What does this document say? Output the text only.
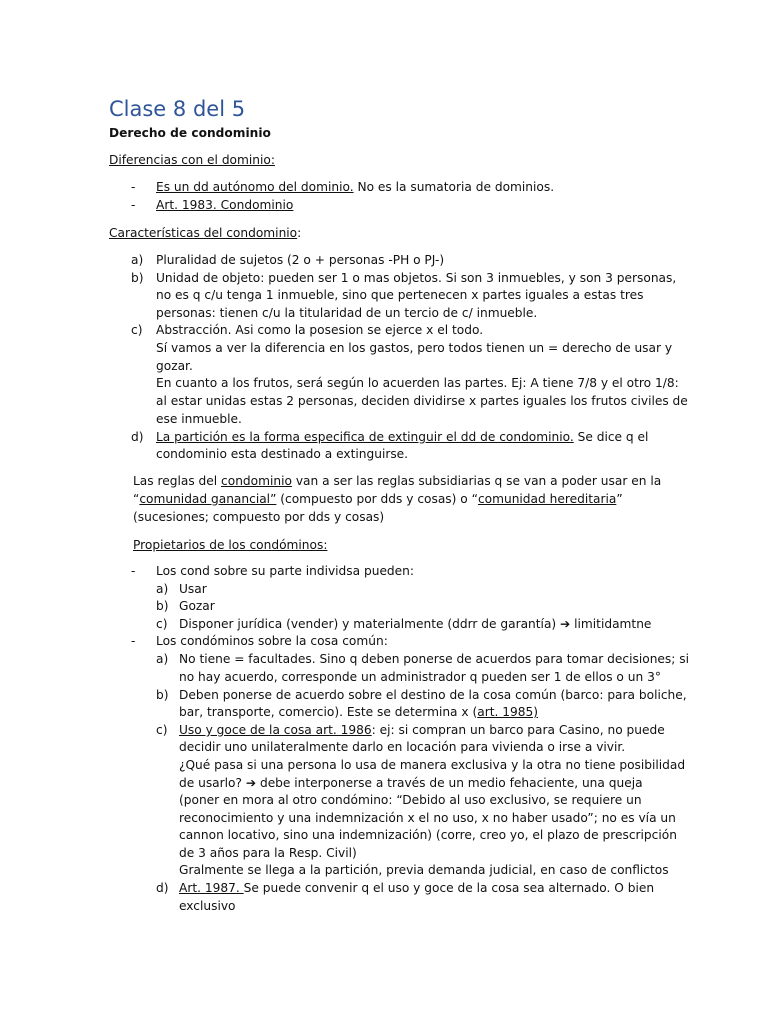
Clase 8 del 5
Derecho de condominio
Diferencias con el dominio:
- Es un dd autónomo del dominio. No es la sumatoria de dominios.
- Art. 1983. Condominio
Características del condominio:
a) Pluralidad de sujetos (2 o + personas -PH o PJ-)
b) Unidad de objeto: pueden ser 1 o mas objetos. Si son 3 inmuebles, y son 3 personas,
no es q c/u tenga 1 inmueble, sino que pertenecen x partes iguales a estas tres
personas: tienen c/u la titularidad de un tercio de c/ inmueble.
c) Abstracción. Asi como la posesion se ejerce x el todo.
Sí vamos a ver la diferencia en los gastos, pero todos tienen un = derecho de usar y
gozar.
En cuanto a los frutos, será según lo acuerden las partes. Ej: A tiene 7/8 y el otro 1/8:
al estar unidas estas 2 personas, deciden dividirse x partes iguales los frutos civiles de
ese inmueble.
d) La partición es la forma especifica de extinguir el dd de condominio. Se dice q el
condominio esta destinado a extinguirse.
Las reglas del condominio van a ser las reglas subsidiarias q se van a poder usar en la
“comunidad ganancial” (compuesto por dds y cosas) o “comunidad hereditaria”
(sucesiones; compuesto por dds y cosas)
Propietarios de los condóminos:
- Los cond sobre su parte individsa pueden:
a) Usar
b) Gozar
c) Disponer jurídica (vender) y materialmente (ddrr de garantía) ➔ limitidamtne
- Los condóminos sobre la cosa común:
a) No tiene = facultades. Sino q deben ponerse de acuerdos para tomar decisiones; si
no hay acuerdo, corresponde un administrador q pueden ser 1 de ellos o un 3°
b) Deben ponerse de acuerdo sobre el destino de la cosa común (barco: para boliche,
bar, transporte, comercio). Este se determina x (art. 1985)
c) Uso y goce de la cosa art. 1986: ej: si compran un barco para Casino, no puede
decidir uno unilateralmente darlo en locación para vivienda o irse a vivir.
¿Qué pasa si una persona lo usa de manera exclusiva y la otra no tiene posibilidad
de usarlo? ➔ debe interponerse a través de un medio fehaciente, una queja
(poner en mora al otro condómino: “Debido al uso exclusivo, se requiere un
reconocimiento y una indemnización x el no uso, x no haber usado”; no es vía un
cannon locativo, sino una indemnización) (corre, creo yo, el plazo de prescripción
de 3 años para la Resp. Civil)
Gralmente se llega a la partición, previa demanda judicial, en caso de conflictos
d) Art. 1987. Se puede convenir q el uso y goce de la cosa sea alternado. O bien
exclusivo
